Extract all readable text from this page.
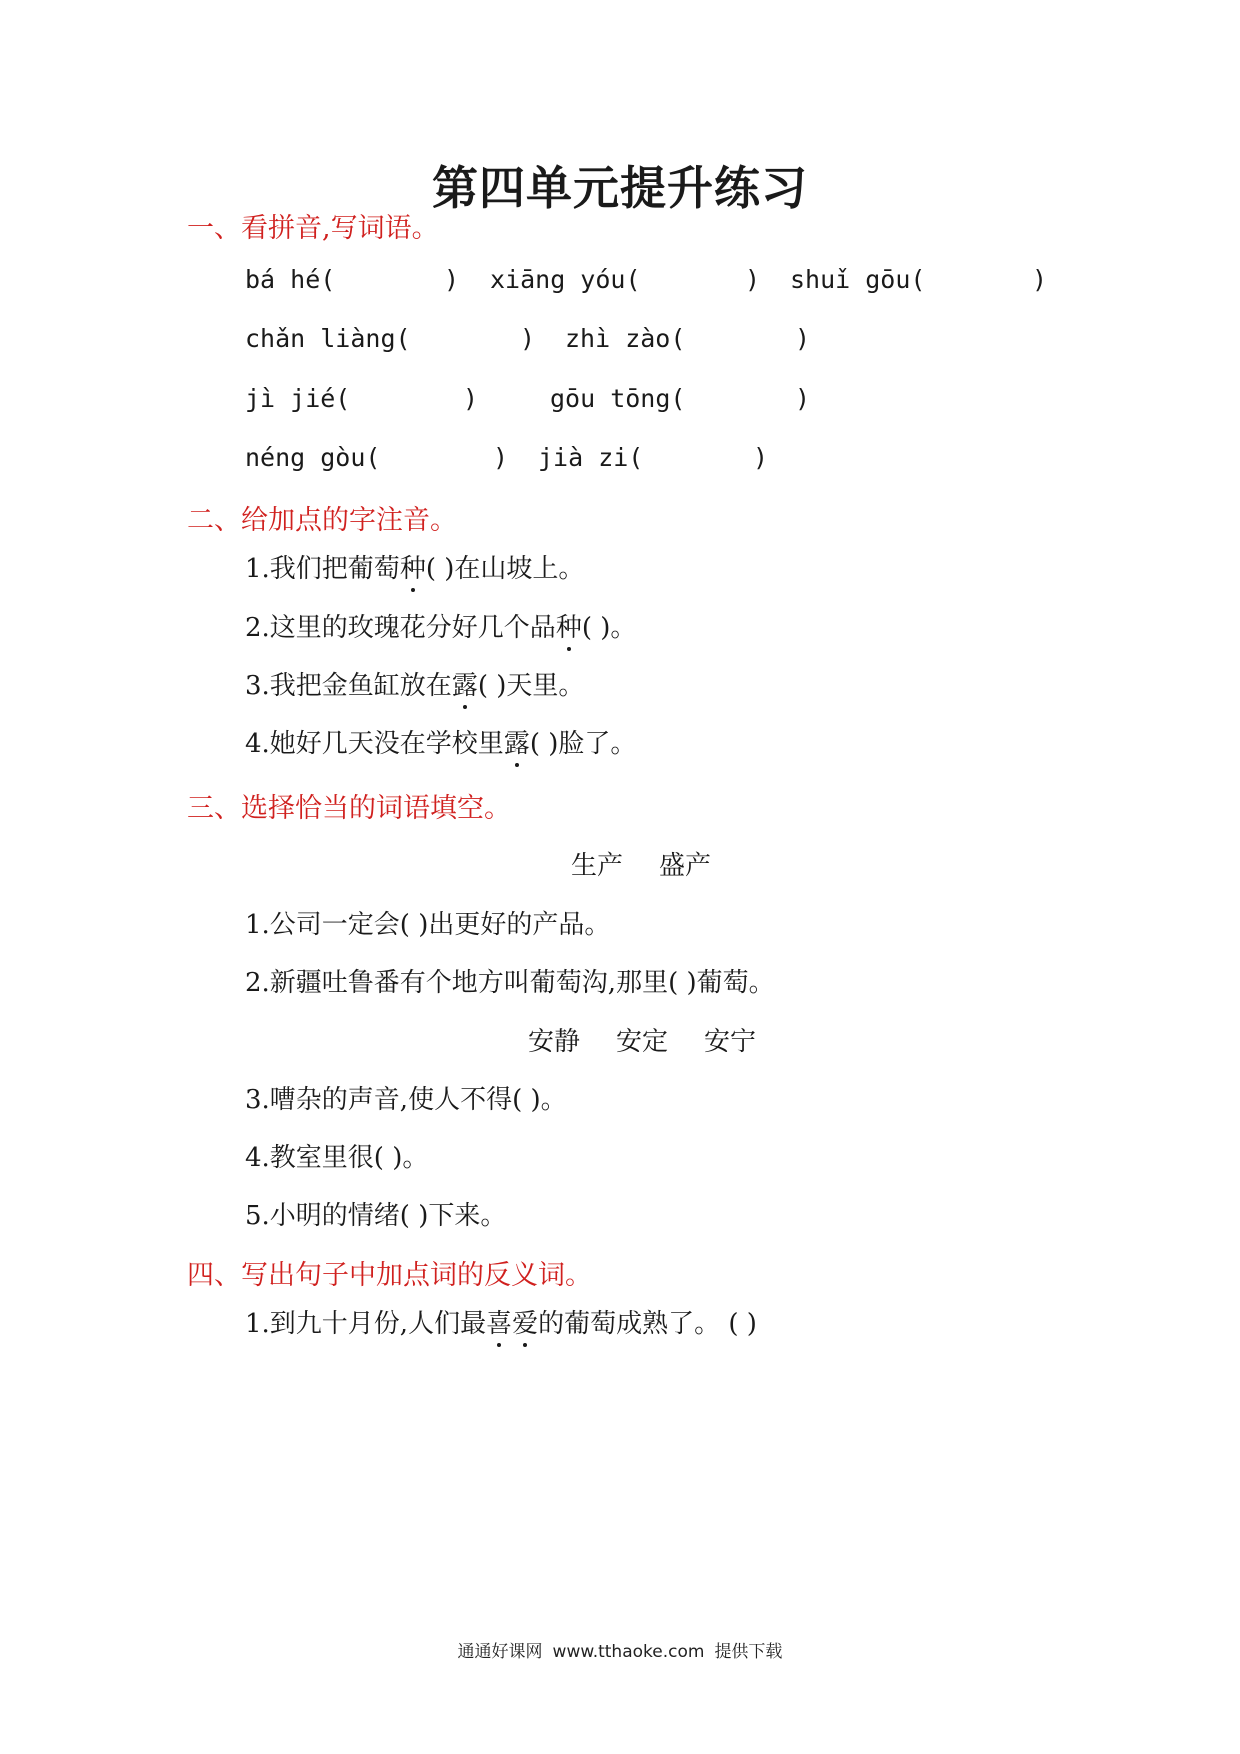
第四单元提升练习
一、看拼音,写词语。
bá hé(	) xiāng yóu(	) shuǐ gōu(	)
chǎn liàng(	) zhì zào(	)
jì jié(	)	gōu tōng(	)
néng gòu(	) jià zi(	)
二、给加点的字注音。
1.我们把葡萄种( )在山坡上。
2.这里的玫瑰花分好几个品种( )。
3.我把金鱼缸放在露( )天里。
4.她好几天没在学校里露( )脸了。
三、选择恰当的词语填空。
生产 盛产
1.公司一定会( )出更好的产品。
2.新疆吐鲁番有个地方叫葡萄沟,那里( )葡萄。
安静 安定 安宁
3.嘈杂的声音,使人不得( )。
4.教室里很( )。
5.小明的情绪( )下来。
四、写出句子中加点词的反义词。
1.到九十月份,人们最喜爱的葡萄成熟了。 ( )
通通好课网 www.tthaoke.com 提供下载
